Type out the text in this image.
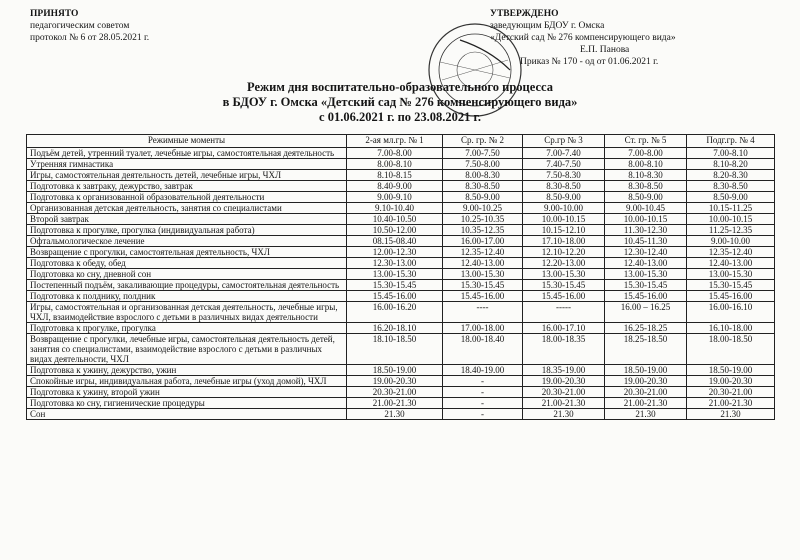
ПРИНЯТО
педагогическим советом
протокол № 6 от 28.05.2021 г.
УТВЕРЖДЕНО
заведующим БДОУ г. Омска
«Детский сад № 276 компенсирующего вида»
Е.П. Панова
Приказ № 170 - од от 01.06.2021 г.
Режим дня воспитательно-образовательного процесса
в БДОУ г. Омска «Детский сад № 276 компенсирующего вида»
с 01.06.2021 г. по 23.08.2021 г.
Режимные моменты	2-ая мл.гр. № 1	Ср. гр. № 2	Ср.гр № 3	Ст. гр. № 5	Подг.гр. № 4
Подъём детей, утренний туалет, лечебные игры, самостоятельная деятельность	7.00-8.00	7.00-7.50	7.00-7.40	7.00-8.00	7.00-8.10
Утренняя гимнастика	8.00-8.10	7.50-8.00	7.40-7.50	8.00-8.10	8.10-8.20
Игры, самостоятельная деятельность детей, лечебные игры, ЧХЛ	8.10-8.15	8.00-8.30	7.50-8.30	8.10-8.30	8.20-8.30
Подготовка к завтраку, дежурство, завтрак	8.40-9.00	8.30-8.50	8.30-8.50	8.30-8.50	8.30-8.50
Подготовка к организованной образовательной деятельности	9.00-9.10	8.50-9.00	8.50-9.00	8.50-9.00	8.50-9.00
Организованная детская деятельность, занятия со специалистами	9.10-10.40	9.00-10.25	9.00-10.00	9.00-10.45	10.15-11.25
Второй завтрак	10.40-10.50	10.25-10.35	10.00-10.15	10.00-10.15	10.00-10.15
Подготовка к прогулке, прогулка (индивидуальная работа)	10.50-12.00	10.35-12.35	10.15-12.10	11.30-12.30	11.25-12.35
Офтальмологическое лечение	08.15-08.40	16.00-17.00	17.10-18.00	10.45-11.30	9.00-10.00
Возвращение с прогулки, самостоятельная деятельность, ЧХЛ	12.00-12.30	12.35-12.40	12.10-12.20	12.30-12.40	12.35-12.40
Подготовка к обеду, обед	12.30-13.00	12.40-13.00	12.20-13.00	12.40-13.00	12.40-13.00
Подготовка ко сну, дневной сон	13.00-15.30	13.00-15.30	13.00-15.30	13.00-15.30	13.00-15.30
Постепенный подъём, закаливающие процедуры, самостоятельная деятельность	15.30-15.45	15.30-15.45	15.30-15.45	15.30-15.45	15.30-15.45
Подготовка к полднику, полдник	15.45-16.00	15.45-16.00	15.45-16.00	15.45-16.00	15.45-16.00
Игры, самостоятельная и организованная детская деятельность, лечебные игры, ЧХЛ, взаимодействие взрослого с детьми в различных видах деятельности	16.00-16.20	----	-----	16.00 – 16.25	16.00-16.10
Подготовка к прогулке, прогулка	16.20-18.10	17.00-18.00	16.00-17.10	16.25-18.25	16.10-18.00
Возвращение с прогулки, лечебные игры, самостоятельная деятельность детей, занятия со специалистами, взаимодействие взрослого с детьми в различных видах деятельности, ЧХЛ	18.10-18.50	18.00-18.40	18.00-18.35	18.25-18.50	18.00-18.50
Подготовка к ужину, дежурство, ужин	18.50-19.00	18.40-19.00	18.35-19.00	18.50-19.00	18.50-19.00
Спокойные игры, индивидуальная работа, лечебные игры (уход домой), ЧХЛ	19.00-20.30	-	19.00-20.30	19.00-20.30	19.00-20.30
Подготовка к ужину, второй ужин	20.30-21.00	-	20.30-21.00	20.30-21.00	20.30-21.00
Подготовка ко сну, гигиенические процедуры	21.00-21.30	-	21.00-21.30	21.00-21.30	21.00-21.30
Сон	21.30	-	21.30	21.30	21.30
